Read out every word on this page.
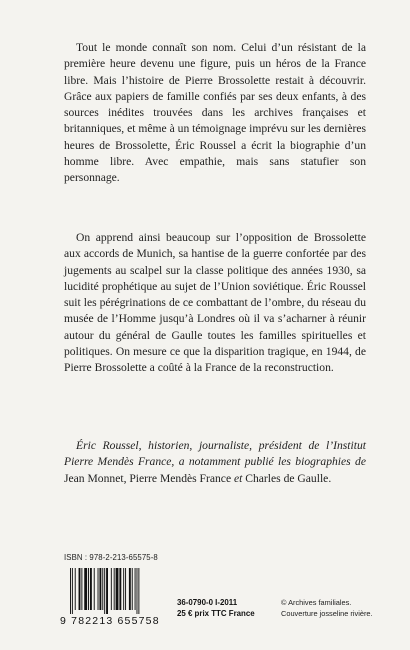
Tout le monde connaît son nom. Celui d’un résistant de la première heure devenu une figure, puis un héros de la France libre. Mais l’histoire de Pierre Brossolette restait à découvrir. Grâce aux papiers de famille confiés par ses deux enfants, à des sources inédites trouvées dans les archives françaises et britanniques, et même à un témoignage imprévu sur les dernières heures de Brossolette, Éric Roussel a écrit la biographie d’un homme libre. Avec empathie, mais sans statufier son personnage.

On apprend ainsi beaucoup sur l’opposition de Brossolette aux accords de Munich, sa hantise de la guerre confortée par des jugements au scalpel sur la classe politique des années 1930, sa lucidité prophétique au sujet de l’Union soviétique. Éric Roussel suit les pérégrinations de ce combattant de l’ombre, du réseau du musée de l’Homme jusqu’à Londres où il va s’acharner à réunir autour du général de Gaulle toutes les familles spirituelles et politiques. On mesure ce que la disparition tragique, en 1944, de Pierre Brossolette a coûté à la France de la reconstruction.

Éric Roussel, historien, journaliste, président de l’Institut Pierre Mendès France, a notamment publié les biographies de Jean Monnet, Pierre Mendès France et Charles de Gaulle.

ISBN : 978-2-213-65575-8
9 782213 655758
36-0790-0 I-2011
25 € prix TTC France
© Archives familiales.
Couverture josseline rivière.
